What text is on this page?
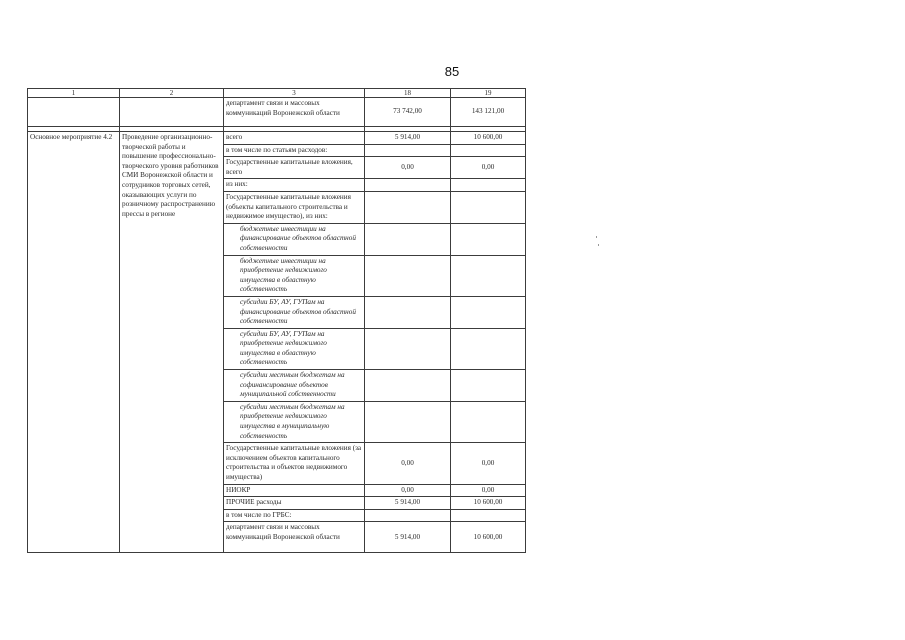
85
1	2	3	18	19
		департамент связи и массовых коммуникаций Воронежской области	73 742,00	143 121,00

Основное мероприятие 4.2	Проведение организационно-творческой работы и повышение профессионально-творческого уровня работников СМИ Воронежской области и сотрудников торговых сетей, оказывающих услуги по розничному распространению прессы в регионе	всего	5 914,00	10 600,00
		в том числе по статьям расходов:		
		Государственные капитальные вложения, всего	0,00	0,00
		из них:		
		Государственные капитальные вложения (объекты капитального строительства и недвижимое имущество), из них:		
		бюджетные инвестиции на финансирование объектов областной собственности		
		бюджетные инвестиции на приобретение недвижимого имущества в областную собственность		
		субсидии БУ, АУ, ГУПам на финансирование объектов областной собственности		
		субсидии БУ, АУ, ГУПам на приобретение недвижимого имущества в областную собственность		
		субсидии местным бюджетам на софинансирование объектов муниципальной собственности		
		субсидии местным бюджетам на приобретение недвижимого имущества в муниципальную собственность		
		Государственные капитальные вложения (за исключением объектов капитального строительства и объектов недвижимого имущества)	0,00	0,00
		НИОКР	0,00	0,00
		ПРОЧИЕ расходы	5 914,00	10 600,00
		в том числе по ГРБС:		
		департамент связи и массовых коммуникаций Воронежской области	5 914,00	10 600,00
